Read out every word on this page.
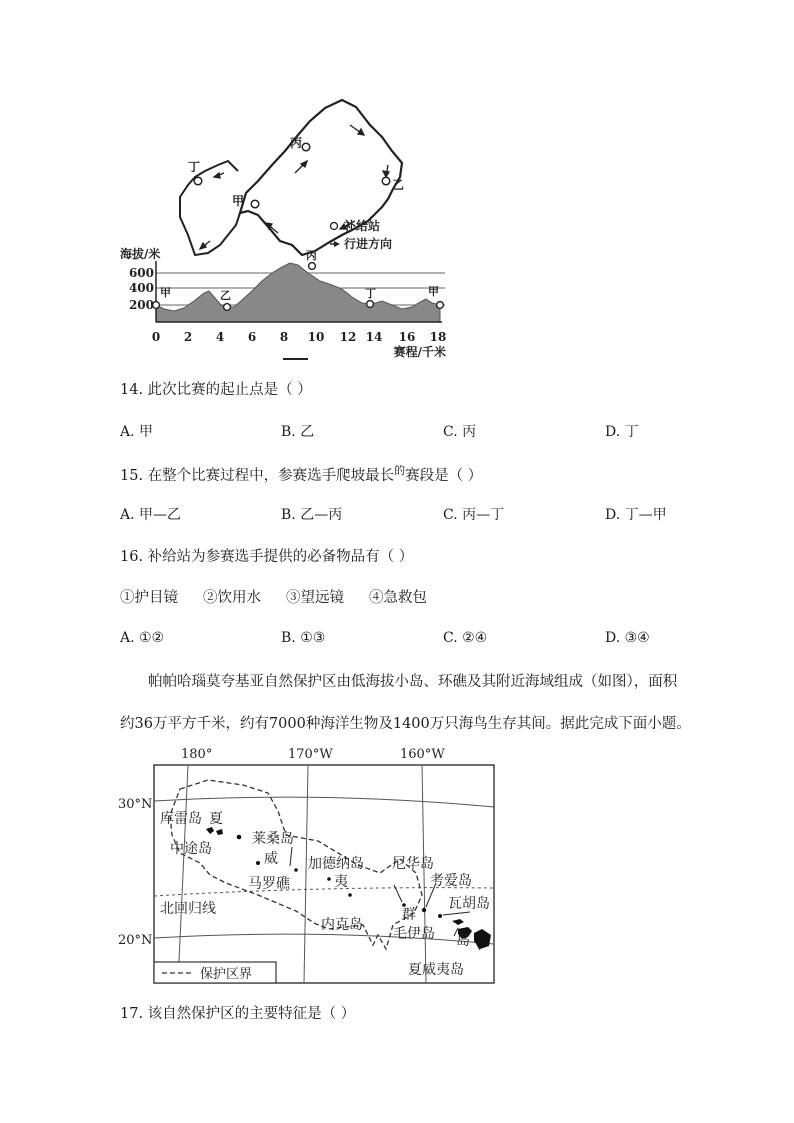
丙
乙
甲
丁
补给站
行进方向
海拔/米
甲	乙
丙
丁	甲
600
400
200
0 2 4 6 8 10 12 14 16 18
赛程/千米
14. 此次比赛的起止点是（ ）
A. 甲	B. 乙	C. 丙	D. 丁
15. 在整个比赛过程中，参赛选手爬坡最长$^的$赛段是（ ）
A. 甲—乙	B. 乙—丙	C. 丙—丁	D. 丁—甲
16. 补给站为参赛选手提供的必备物品有（ ）
①护目镜 ②饮用水 ③望远镜 ④急救包
A. ①②	B. ①③	C. ②④	D. ③④
帕帕哈瑙莫夸基亚自然保护区由低海拔小岛、环礁及其附近海域组成（如图），面积
约36万平方千米，约有7000种海洋生物及1400万只海鸟生存其间。据此完成下面小题。
180°	170°W	160°W
30°N
20°N
库雷岛 夏
中途岛
莱桑岛
威
马罗礁
加德纳岛
夷
内克岛
尼华岛
考爱岛
瓦胡岛
群
毛伊岛 岛
夏威夷岛
北回归线
保护区界
17. 该自然保护区的主要特征是（ ）
